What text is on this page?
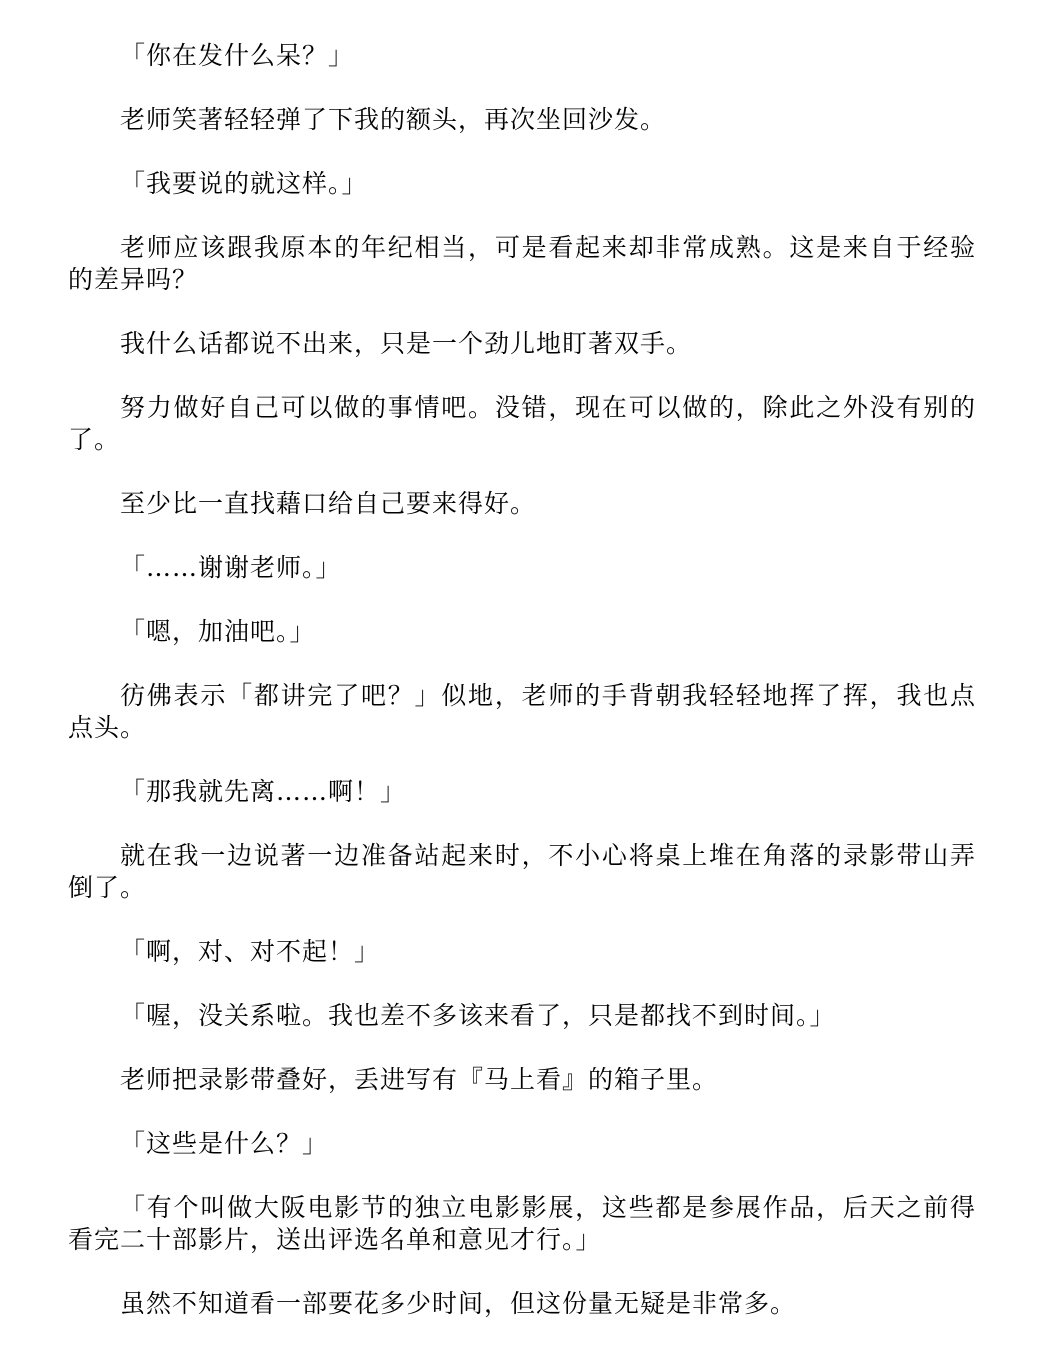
「你在发什么呆？」

老师笑著轻轻弹了下我的额头，再次坐回沙发。

「我要说的就这样。」

老师应该跟我原本的年纪相当，可是看起来却非常成熟。这是来自于经验的差异吗？

我什么话都说不出来，只是一个劲儿地盯著双手。

努力做好自己可以做的事情吧。没错，现在可以做的，除此之外没有别的了。

至少比一直找藉口给自己要来得好。

「……谢谢老师。」

「嗯，加油吧。」

彷佛表示「都讲完了吧？」似地，老师的手背朝我轻轻地挥了挥，我也点点头。

「那我就先离……啊！」

就在我一边说著一边准备站起来时，不小心将桌上堆在角落的录影带山弄倒了。

「啊，对、对不起！」

「喔，没关系啦。我也差不多该来看了，只是都找不到时间。」

老师把录影带叠好，丢进写有『马上看』的箱子里。

「这些是什么？」

「有个叫做大阪电影节的独立电影影展，这些都是参展作品，后天之前得看完二十部影片，送出评选名单和意见才行。」

虽然不知道看一部要花多少时间，但这份量无疑是非常多。
